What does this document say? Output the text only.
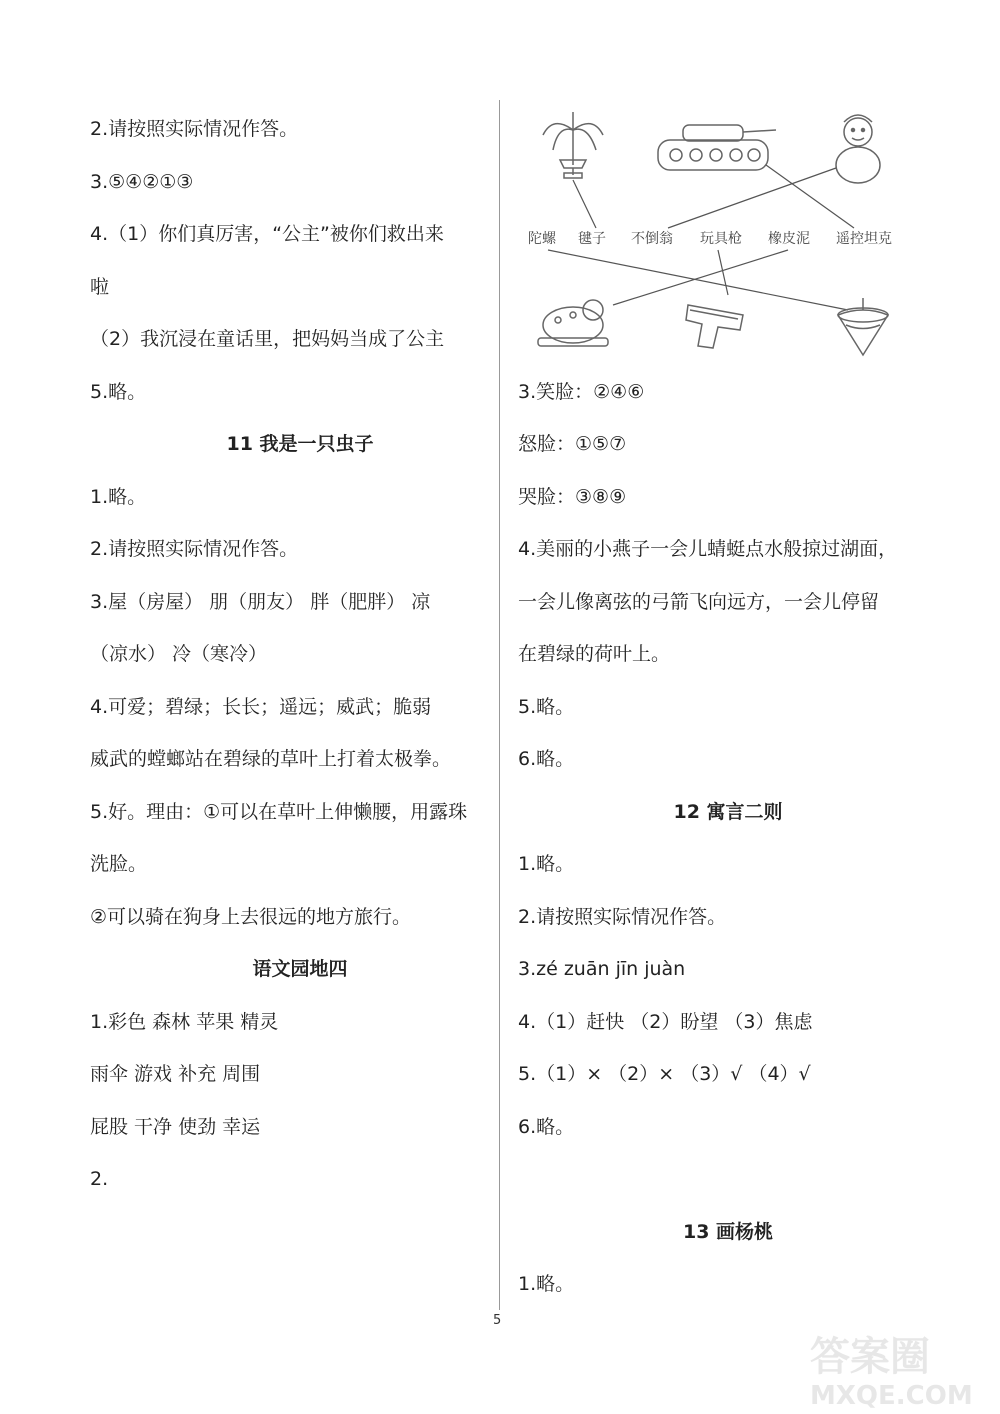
2.请按照实际情况作答。
3.⑤④②①③
4.（1）你们真厉害，“公主”被你们救出来
啦
（2）我沉浸在童话里，把妈妈当成了公主
5.略。
11 我是一只虫子
1.略。
2.请按照实际情况作答。
3.屋（房屋） 朋（朋友） 胖（肥胖） 凉
（凉水） 冷（寒冷）
4.可爱；碧绿；长长；遥远；威武；脆弱
威武的螳螂站在碧绿的草叶上打着太极拳。
5.好。理由：①可以在草叶上伸懒腰，用露珠
洗脸。
②可以骑在狗身上去很远的地方旅行。
语文园地四
1.彩色 森林 苹果 精灵
雨伞 游戏 补充 周围
屁股 干净 使劲 幸运
2.
陀螺 毽子 不倒翁 玩具枪 橡皮泥 遥控坦克
3.笑脸：②④⑥
怒脸：①⑤⑦
哭脸：③⑧⑨
4.美丽的小燕子一会儿蜻蜓点水般掠过湖面，
一会儿像离弦的弓箭飞向远方，一会儿停留
在碧绿的荷叶上。
5.略。
6.略。
12 寓言二则
1.略。
2.请按照实际情况作答。
3.zé zuān jīn juàn
4.（1）赶快 （2）盼望 （3）焦虑
5.（1）× （2）× （3）√ （4）√
6.略。
13 画杨桃
1.略。
5
答案圈
MXQE.COM
